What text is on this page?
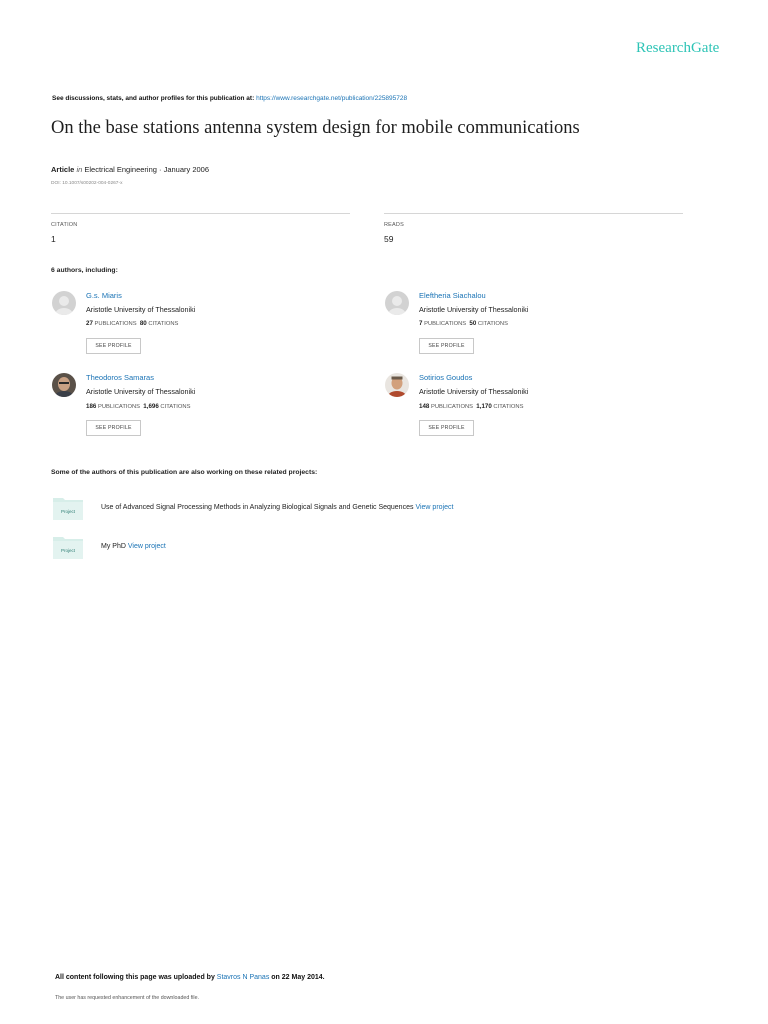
ResearchGate
See discussions, stats, and author profiles for this publication at: https://www.researchgate.net/publication/225895728
On the base stations antenna system design for mobile communications
Article in Electrical Engineering · January 2006
DOI: 10.1007/s00202-004-0267-x
CITATION
1
READS
59
6 authors, including:
G.s. Miaris
Aristotle University of Thessaloniki
27 PUBLICATIONS 80 CITATIONS
SEE PROFILE
Eleftheria Siachalou
Aristotle University of Thessaloniki
7 PUBLICATIONS 50 CITATIONS
SEE PROFILE
Theodoros Samaras
Aristotle University of Thessaloniki
186 PUBLICATIONS 1,696 CITATIONS
SEE PROFILE
Sotirios Goudos
Aristotle University of Thessaloniki
148 PUBLICATIONS 1,170 CITATIONS
SEE PROFILE
Some of the authors of this publication are also working on these related projects:
Project
Use of Advanced Signal Processing Methods in Analyzing Biological Signals and Genetic Sequences View project
Project
My PhD View project
All content following this page was uploaded by Stavros N Panas on 22 May 2014.
The user has requested enhancement of the downloaded file.
